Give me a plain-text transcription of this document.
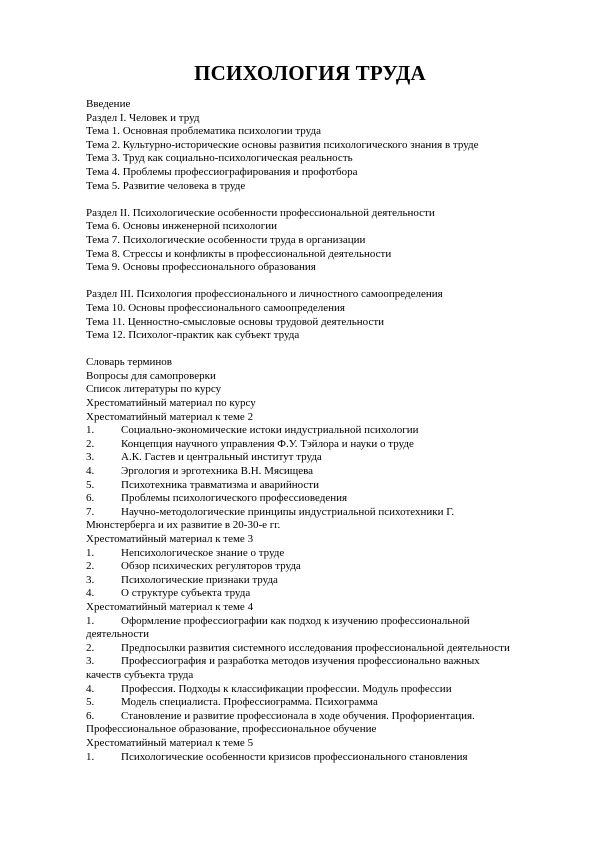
ПСИХОЛОГИЯ ТРУДА
Введение
Раздел I. Человек и труд
Тема 1. Основная проблематика психологии труда
Тема 2. Культурно-исторические основы развития психологического знания в труде
Тема 3. Труд как социально-психологическая реальность
Тема 4. Проблемы профессиографирования и профотбора
Тема 5. Развитие человека в труде
Раздел II. Психологические особенности профессиональной деятельности
Тема 6. Основы инженерной психологии
Тема 7. Психологические особенности труда в организации
Тема 8. Стрессы и конфликты в профессиональной деятельности
Тема 9. Основы профессионального образования
Раздел III. Психология профессионального и личностного самоопределения
Тема 10. Основы профессионального самоопределения
Тема 11. Ценностно-смысловые основы трудовой деятельности
Тема 12. Психолог-практик как субъект труда
Словарь терминов
Вопросы для самопроверки
Список литературы по курсу
Хрестоматийный материал по курсу
Хрестоматийный материал к теме 2
1.	Социально-экономические истоки индустриальной психологии
2.	Концепция научного управления Ф.У. Тэйлора и науки о труде
3.	А.К. Гастев и центральный институт труда
4.	Эргология и эрготехника В.Н. Мясищева
5.	Психотехника травматизма и аварийности
6.	Проблемы психологического профессиоведения
7.	Научно-методологические принципы индустриальной психотехники Г.
Мюнстерберга и их развитие в 20-30-е гг.
Хрестоматийный материал к теме 3
1.	Непсихологическое знание о труде
2.	Обзор психических регуляторов труда
3.	Психологические признаки труда
4.	О структуре субъекта труда
Хрестоматийный материал к теме 4
1.	Оформление профессиографии как подход к изучению профессиональной
деятельности
2.	Предпосылки развития системного исследования профессиональной деятельности
3.	Профессиография и разработка методов изучения профессионально важных
качеств субъекта труда
4.	Профессия. Подходы к классификации профессии. Модуль профессии
5.	Модель специалиста. Профессиограмма. Психограмма
6.	Становление и развитие профессионала в ходе обучения. Профориентация.
Профессиональное образование, профессиональное обучение
Хрестоматийный материал к теме 5
1.	Психологические особенности кризисов профессионального становления
